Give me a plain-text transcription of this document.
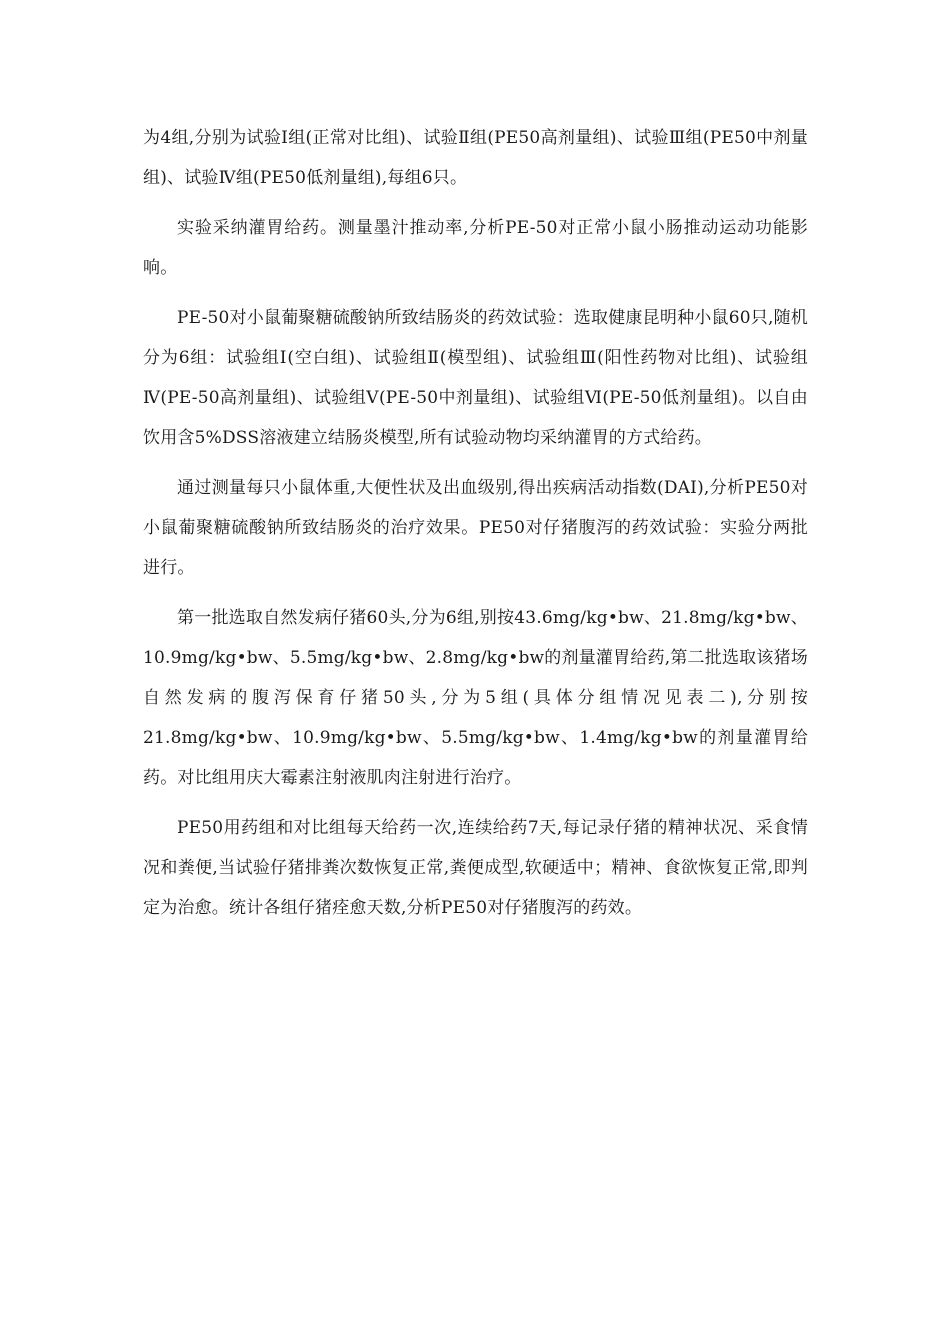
为4组,分别为试验Ⅰ组(正常对比组)、试验Ⅱ组(PE50高剂量组)、试验Ⅲ组(PE50中剂量组)、试验Ⅳ组(PE50低剂量组),每组6只。

实验采纳灌胃给药。测量墨汁推动率,分析PE-50对正常小鼠小肠推动运动功能影响。

PE-50对小鼠葡聚糖硫酸钠所致结肠炎的药效试验：选取健康昆明种小鼠60只,随机分为6组：试验组Ⅰ(空白组)、试验组Ⅱ(模型组)、试验组Ⅲ(阳性药物对比组)、试验组Ⅳ(PE-50高剂量组)、试验组Ⅴ(PE-50中剂量组)、试验组Ⅵ(PE-50低剂量组)。以自由饮用含5%DSS溶液建立结肠炎模型,所有试验动物均采纳灌胃的方式给药。

通过测量每只小鼠体重,大便性状及出血级别,得出疾病活动指数(DAI),分析PE50对小鼠葡聚糖硫酸钠所致结肠炎的治疗效果。PE50对仔猪腹泻的药效试验：实验分两批进行。

第一批选取自然发病仔猪60头,分为6组,别按43.6mg/kg•bw、21.8mg/kg•bw、10.9mg/kg•bw、5.5mg/kg•bw、2.8mg/kg•bw的剂量灌胃给药,第二批选取该猪场自然发病的腹泻保育仔猪50头,分为5组(具体分组情况见表二),分别按21.8mg/kg•bw、10.9mg/kg•bw、5.5mg/kg•bw、1.4mg/kg•bw的剂量灌胃给药。对比组用庆大霉素注射液肌肉注射进行治疗。

PE50用药组和对比组每天给药一次,连续给药7天,每记录仔猪的精神状况、采食情况和粪便,当试验仔猪排粪次数恢复正常,粪便成型,软硬适中；精神、食欲恢复正常,即判定为治愈。统计各组仔猪痊愈天数,分析PE50对仔猪腹泻的药效。
